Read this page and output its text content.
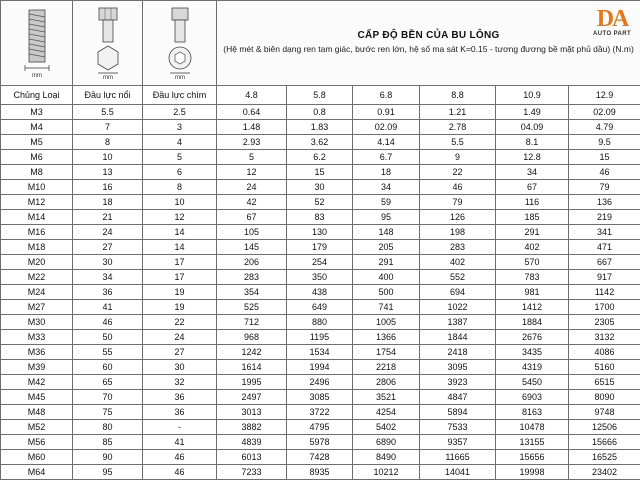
mm	mm	mm	DA
AUTO PART
CẤP ĐỘ BỀN CỦA BU LÔNG
(Hệ mét & biên dạng ren tam giác, bước ren lớn, hệ số ma sát K=0.15 - tương đương bề mặt phủ dầu) (N.m)					

Chủng Loại	Đầu lực nổi	Đầu lực chìm	4.8	5.8	6.8	8.8	10.9	12.9
M3	5.5	2.5	0.64	0.8	0.91	1.21	1.49	02.09
M4	7	3	1.48	1.83	02.09	2.78	04.09	4.79
M5	8	4	2.93	3.62	4.14	5.5	8.1	9.5
M6	10	5	5	6.2	6.7	9	12.8	15
M8	13	6	12	15	18	22	34	46
M10	16	8	24	30	34	46	67	79
M12	18	10	42	52	59	79	116	136
M14	21	12	67	83	95	126	185	219
M16	24	14	105	130	148	198	291	341
M18	27	14	145	179	205	283	402	471
M20	30	17	206	254	291	402	570	667
M22	34	17	283	350	400	552	783	917
M24	36	19	354	438	500	694	981	1142
M27	41	19	525	649	741	1022	1412	1700
M30	46	22	712	880	1005	1387	1884	2305
M33	50	24	968	1195	1366	1844	2676	3132
M36	55	27	1242	1534	1754	2418	3435	4086
M39	60	30	1614	1994	2218	3095	4319	5160
M42	65	32	1995	2496	2806	3923	5450	6515
M45	70	36	2497	3085	3521	4847	6903	8090
M48	75	36	3013	3722	4254	5894	8163	9748
M52	80	-	3882	4795	5402	7533	10478	12506
M56	85	41	4839	5978	6890	9357	13155	15666
M60	90	46	6013	7428	8490	11665	15656	16525
M64	95	46	7233	8935	10212	14041	19998	23402
